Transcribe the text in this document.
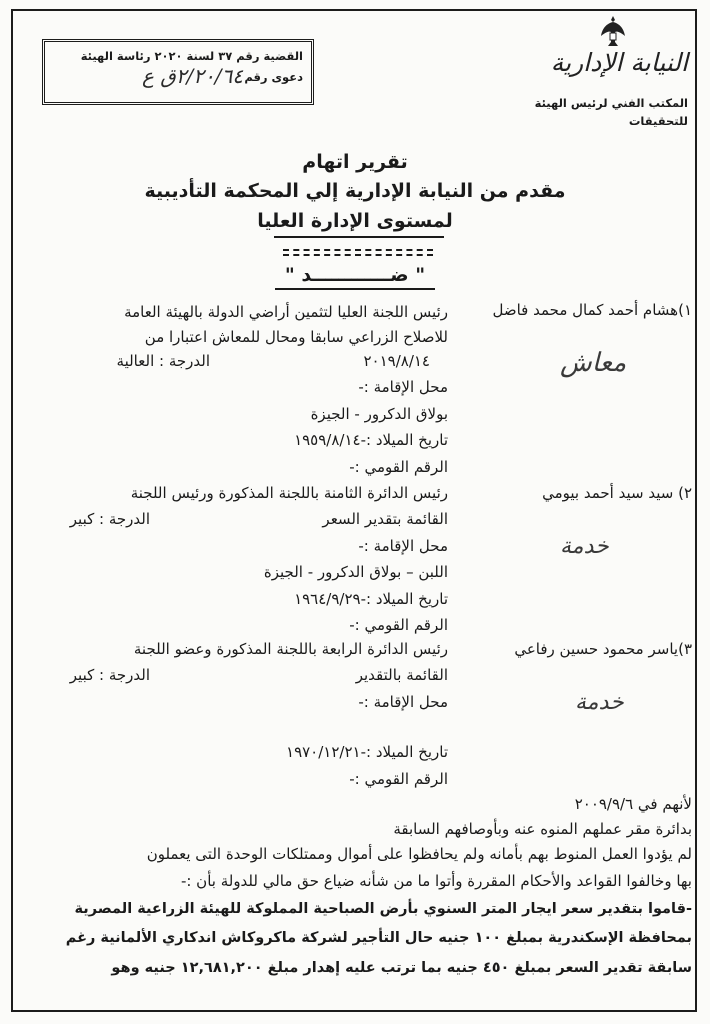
القضية رقم ٣٧ لسنة ٢٠٢٠ رئاسة الهيئة
دعوى رقم
٢/٢٠/٦٤ق ع	النيابة الإدارية
المكتب الفني لرئيس الهيئة
للتحقيقات
تقرير اتهام
مقدم من النيابة الإدارية إلي المحكمة التأديبية
لمستوى الإدارة العليا
" ضــــــــــــد "
١)هشام أحمد كمال محمد فاضل
معاش
رئيس اللجنة العليا لتثمين أراضي الدولة بالهيئة العامة
للاصلاح الزراعي سابقا ومحال للمعاش اعتبارا من
٢٠١٩/٨/١٤
الدرجة : العالية
محل الإقامة :-
بولاق الدكرور - الجيزة
تاريخ الميلاد :-١٩٥٩/٨/١٤
الرقم القومي :-
٢) سيد سيد أحمد بيومي
خدمة
رئيس الدائرة الثامنة باللجنة المذكورة ورئيس اللجنة
القائمة بتقدير السعر
الدرجة : كبير
محل الإقامة :-
اللبن – بولاق الدكرور - الجيزة
تاريخ الميلاد :-١٩٦٤/٩/٢٩
الرقم القومي :-
٣)ياسر محمود حسين رفاعي
خدمة
رئيس الدائرة الرابعة باللجنة المذكورة وعضو اللجنة
القائمة بالتقدير
الدرجة : كبير
محل الإقامة :-
تاريخ الميلاد :-١٩٧٠/١٢/٢١
الرقم القومي :-
لأنهم في ٢٠٠٩/٩/٦
بدائرة مقر عملهم المنوه عنه وبأوصافهم السابقة
لم يؤدوا العمل المنوط بهم بأمانه ولم يحافظوا على أموال وممتلكات الوحدة التى يعملون
بها وخالفوا القواعد والأحكام المقررة وأتوا ما من شأنه ضياع حق مالي للدولة بأن :-
-قاموا بتقدير سعر ايجار المتر السنوي بأرض الصباحية المملوكة للهيئة الزراعية المصرية
بمحافظة الإسكندرية بمبلغ ١٠٠ جنيه حال التأجير لشركة ماكروكاش اندكاري الألمانية رغم
سابقة تقدير السعر بمبلغ ٤٥٠ جنيه بما ترتب عليه إهدار مبلغ ١٢,٦٨١,٢٠٠ جنيه وهو
